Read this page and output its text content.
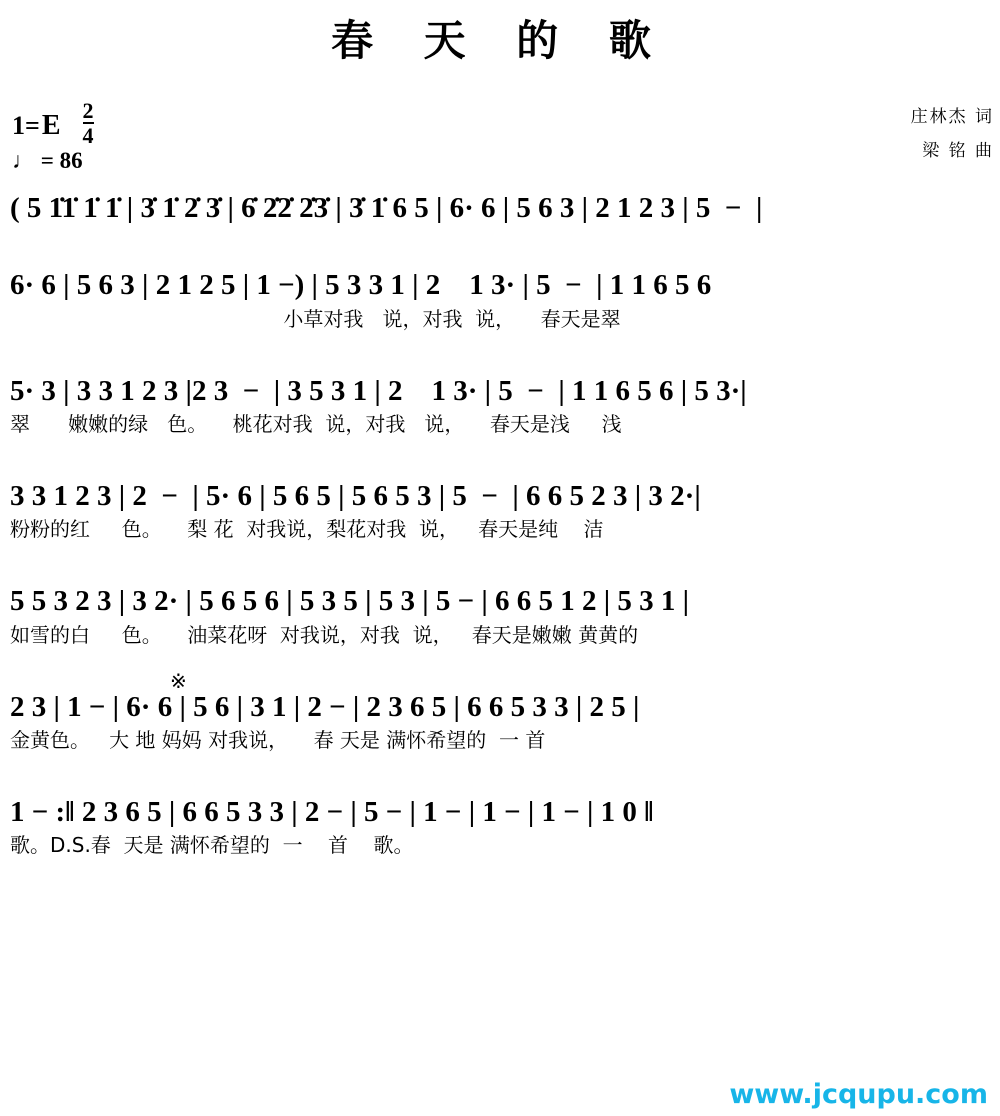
春 天 的 歌
1= E $\frac{2}{4}$
♩ = 86
庄林杰 词
梁 铭 曲
( 5 1̇1̇ 1̇ 1̇ | 3̇ 1̇ 2̇ 3̇ | 6̇ 2̇2̇ 2̇3̇ | 3̇ 1̇ 6 5 | 6· 6 | 5 6 3 | 2 1 2 3 | 5  −  |
6· 6 | 5 6 3 | 2 1 2 5 | 1 −) | 5 3 3 1 | 2    1 3· | 5  −  | 1 1 6 5 6
小草对我   说，对我  说，    春天是翠
5· 3 | 3 3 1 2 3 |2 3  −  | 3 5 3 1 | 2    1 3· | 5  −  | 1 1 6 5 6 | 5 3·|
翠      嫩嫩的绿   色。    桃花对我  说，对我   说，    春天是浅     浅
3 3 1 2 3 | 2  −  | 5· 6 | 5 6 5 | 5 6 5 3 | 5  −  | 6 6 5 2 3 | 3 2·|
粉粉的红     色。    梨 花  对我说，梨花对我  说，   春天是纯    洁
5 5 3 2 3 | 3 2· | 5 6 5 6 | 5 3 5 | 5 3 | 5 − | 6 6 5 1 2 | 5 3 1 |
如雪的白     色。    油菜花呀  对我说，对我  说，   春天是嫩嫩 黄黄的
※
2 3 | 1 − | 6· 6 | 5 6 | 3 1 | 2 − | 2 3 6 5 | 6 6 5 3 3 | 2 5 |
金黄色。   大 地 妈妈 对我说，    春 天是 满怀希望的  一 首
1 − :‖ 2 3 6 5 | 6 6 5 3 3 | 2 − | 5 − | 1 − | 1 − | 1 − | 1 0 ‖
歌。D.S.春  天是 满怀希望的  一    首    歌。
www.jcqupu.com
